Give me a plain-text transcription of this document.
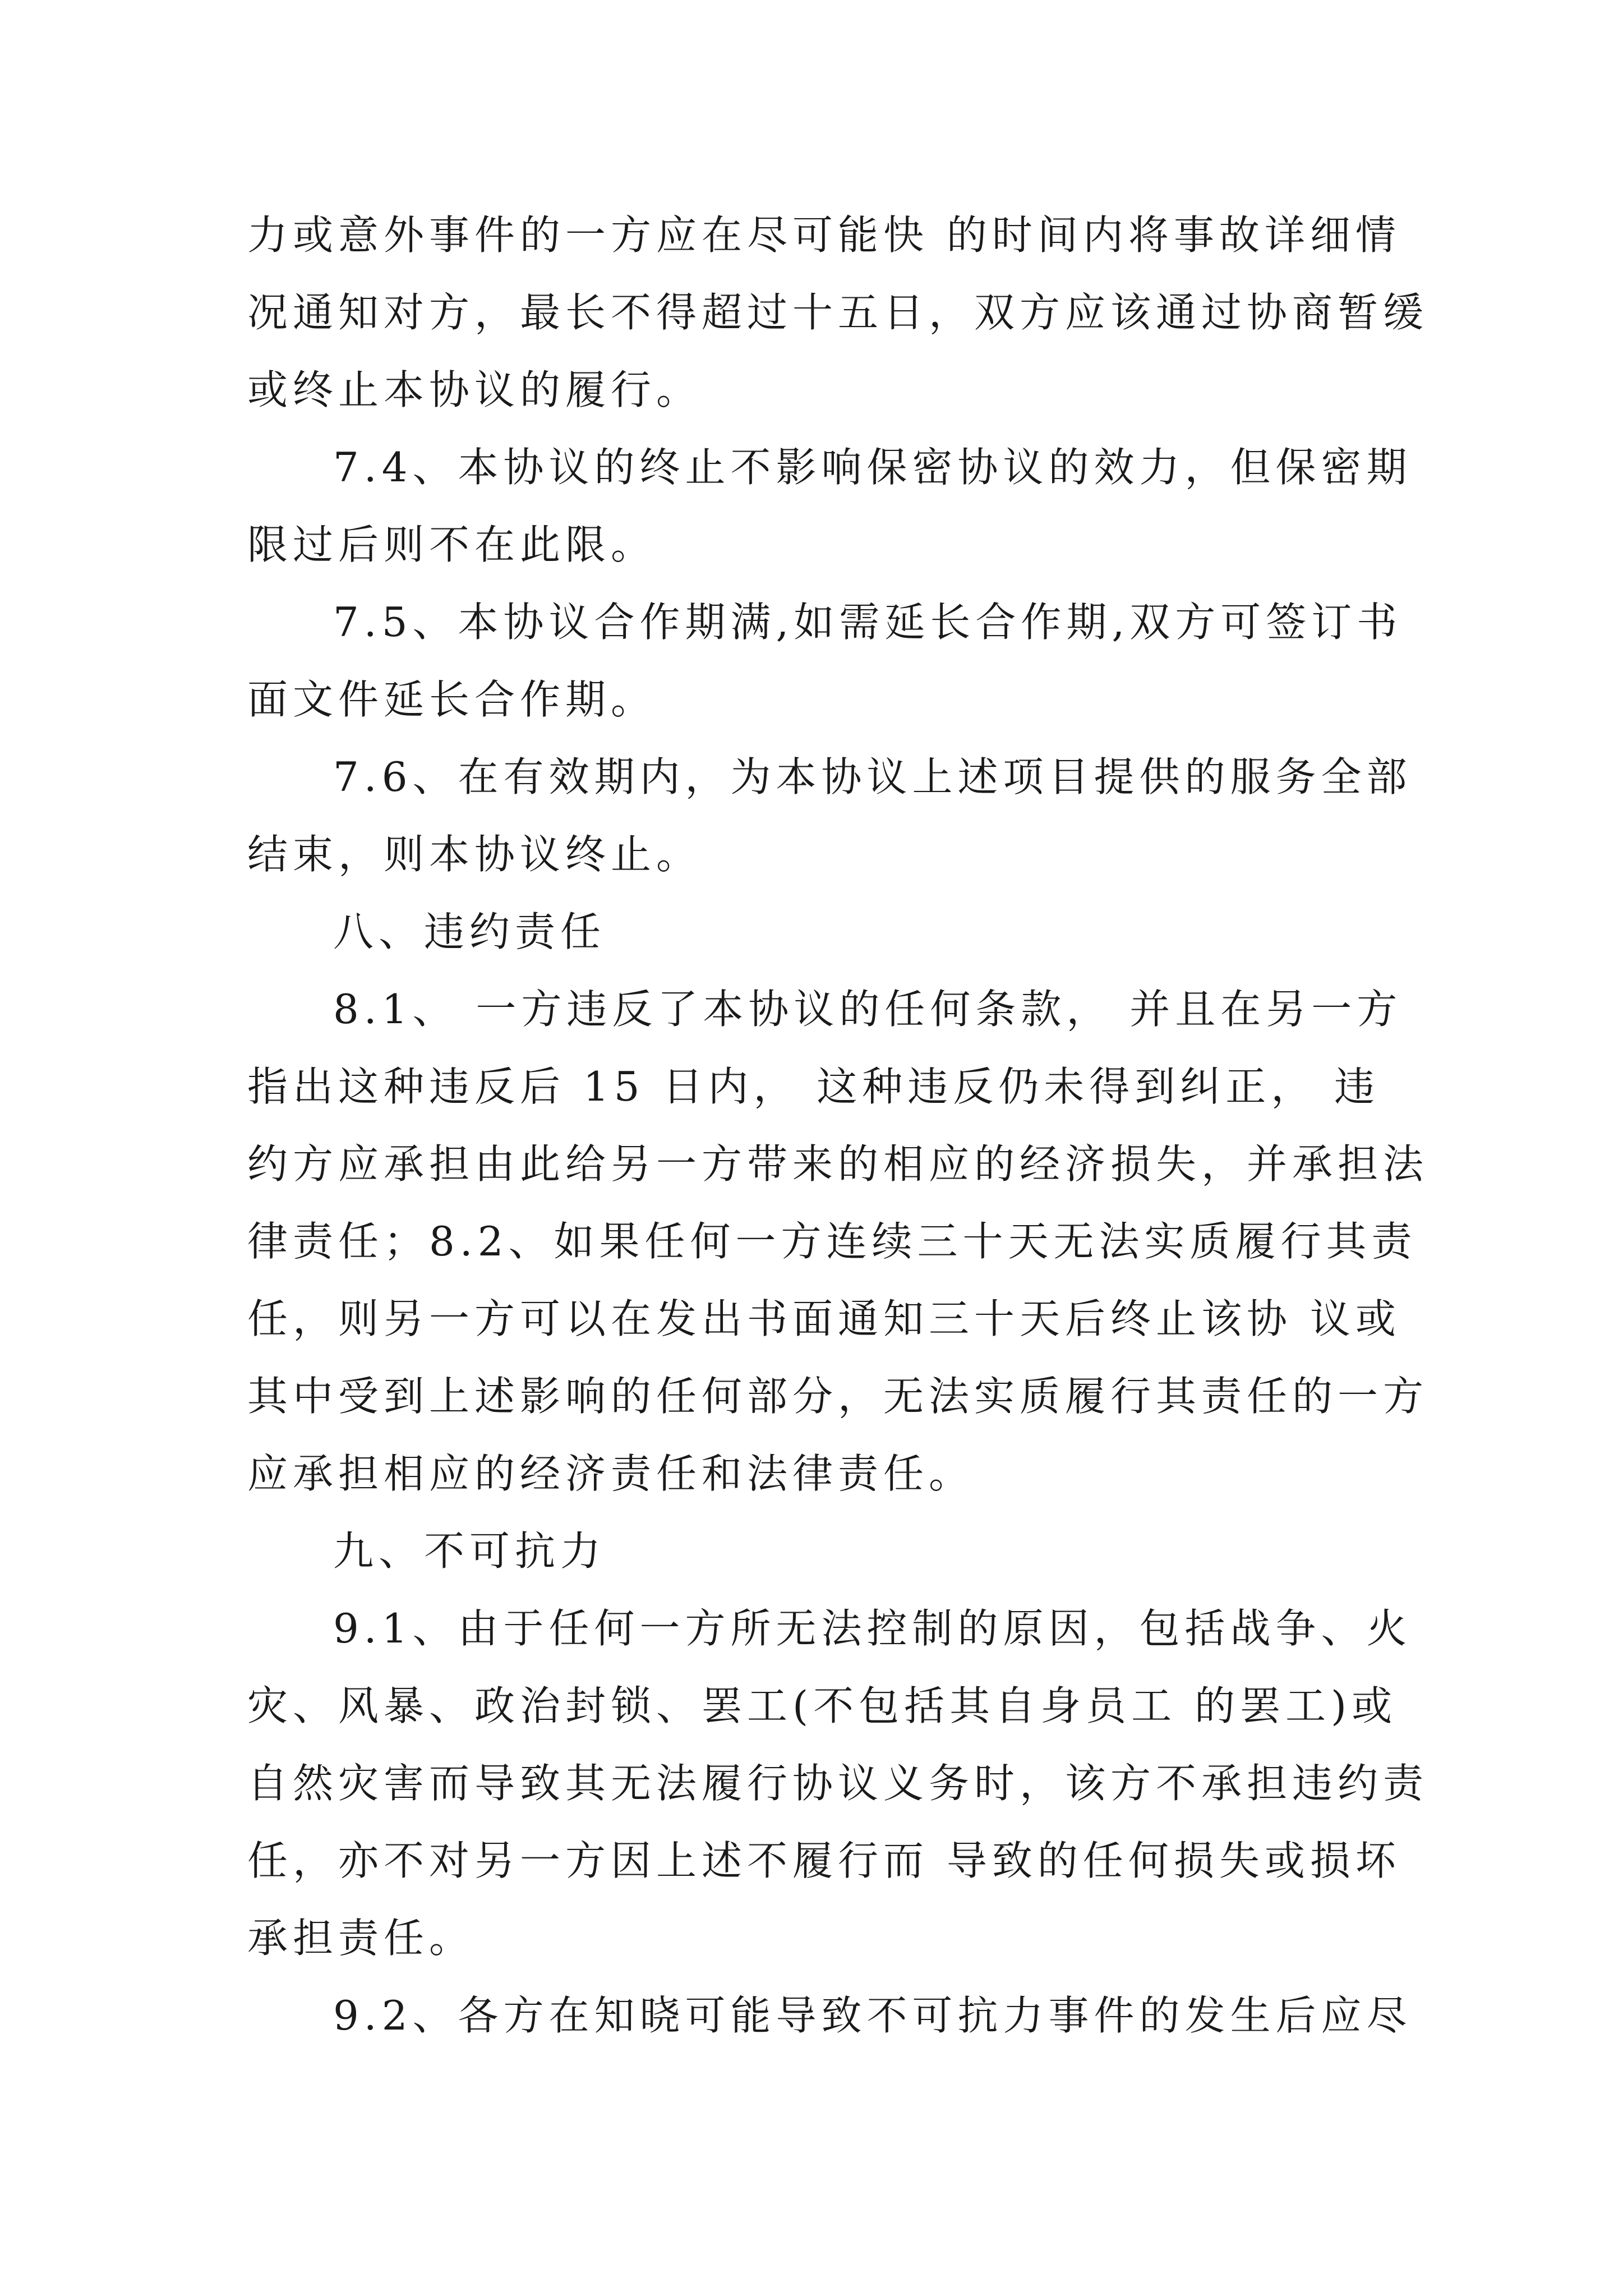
力或意外事件的一方应在尽可能快 的时间内将事故详细情
况通知对方，最长不得超过十五日，双方应该通过协商暂缓
或终止本协议的履行。
7.4、本协议的终止不影响保密协议的效力，但保密期
限过后则不在此限。
7.5、本协议合作期满,如需延长合作期,双方可签订书
面文件延长合作期。
7.6、在有效期内，为本协议上述项目提供的服务全部
结束，则本协议终止。
八、违约责任
8.1、 一方违反了本协议的任何条款， 并且在另一方
指出这种违反后 15 日内， 这种违反仍未得到纠正， 违
约方应承担由此给另一方带来的相应的经济损失，并承担法
律责任；8.2、如果任何一方连续三十天无法实质履行其责
任，则另一方可以在发出书面通知三十天后终止该协 议或
其中受到上述影响的任何部分，无法实质履行其责任的一方
应承担相应的经济责任和法律责任。
九、不可抗力
9.1、由于任何一方所无法控制的原因，包括战争、火
灾、风暴、政治封锁、罢工(不包括其自身员工 的罢工)或
自然灾害而导致其无法履行协议义务时，该方不承担违约责
任，亦不对另一方因上述不履行而 导致的任何损失或损坏
承担责任。
9.2、各方在知晓可能导致不可抗力事件的发生后应尽
